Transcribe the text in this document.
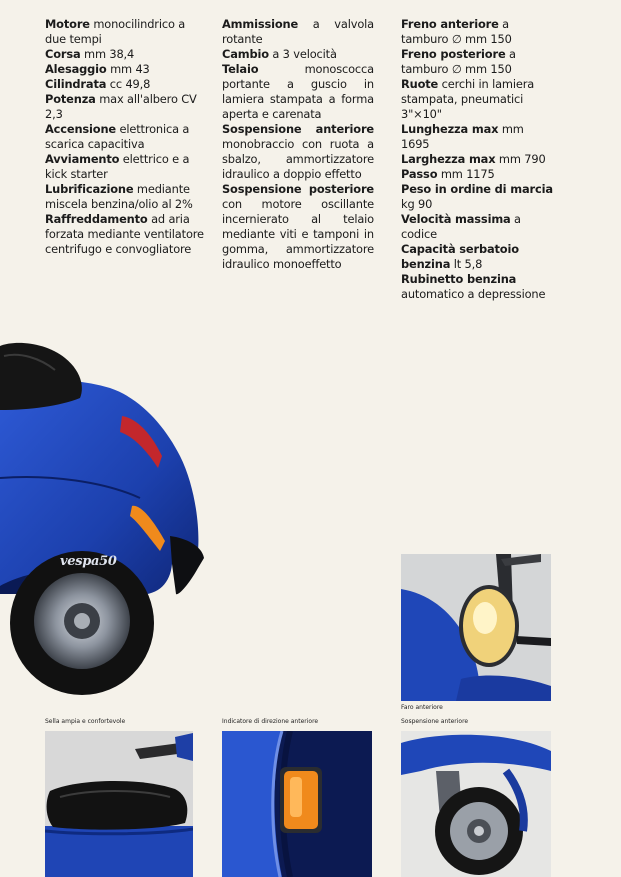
Motore monocilindrico a due tempi

Corsa mm 38,4

Alesaggio mm 43

Cilindrata cc 49,8

Potenza max all'albero CV 2,3

Accensione elettronica a scarica capacitiva

Avviamento elettrico e a kick starter

Lubrificazione mediante miscela benzina/olio al 2%

Raffreddamento ad aria forzata mediante ventilatore centrifugo e convogliatore

Ammissione a valvola rotante

Cambio a 3 velocità

Telaio monoscocca portante a guscio in lamiera stampata a forma aperta e carenata

Sospensione anteriore monobraccio con ruota a sbalzo, ammortizzatore idraulico a doppio effetto

Sospensione posteriore con motore oscillante incernierato al telaio mediante viti e tamponi in gomma, ammortizzatore idraulico monoeffetto

Freno anteriore a tamburo ∅ mm 150

Freno posteriore a tamburo ∅ mm 150

Ruote cerchi in lamiera stampata, pneumatici 3"×10"

Lunghezza max mm 1695

Larghezza max mm 790

Passo mm 1175

Peso in ordine di marcia kg 90

Velocità massima a codice

Capacità serbatoio benzina lt 5,8

Rubinetto benzina automatico a depressione

vespa50
Faro anteriore
Sella ampia e confortevole	Indicatore di direzione anteriore	Sospensione anteriore
